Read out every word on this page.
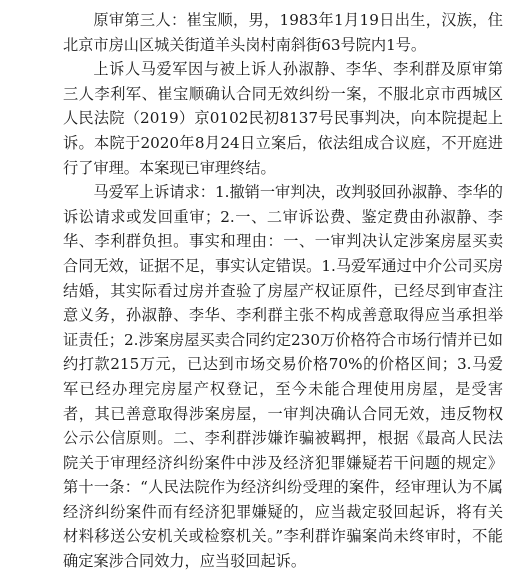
原审第三人：崔宝顺，男，1983年1月19日出生，汉族，住北京市房山区城关街道羊头岗村南斜街63号院内1号。

上诉人马爱军因与被上诉人孙淑静、李华、李利群及原审第三人李利军、崔宝顺确认合同无效纠纷一案，不服北京市西城区人民法院（2019）京0102民初8137号民事判决，向本院提起上诉。本院于2020年8月24日立案后，依法组成合议庭，不开庭进行了审理。本案现已审理终结。

马爱军上诉请求：1.撤销一审判决，改判驳回孙淑静、李华的诉讼请求或发回重审；2.一、二审诉讼费、鉴定费由孙淑静、李华、李利群负担。事实和理由：一、一审判决认定涉案房屋买卖合同无效，证据不足，事实认定错误。1.马爱军通过中介公司买房结婚，其实际看过房并查验了房屋产权证原件，已经尽到审查注意义务，孙淑静、李华、李利群主张不构成善意取得应当承担举证责任；2.涉案房屋买卖合同约定230万价格符合市场行情并已如约打款215万元，已达到市场交易价格70%的价格区间；3.马爱军已经办理完房屋产权登记，至今未能合理使用房屋，是受害者，其已善意取得涉案房屋，一审判决确认合同无效，违反物权公示公信原则。二、李利群涉嫌诈骗被羁押，根据《最高人民法院关于审理经济纠纷案件中涉及经济犯罪嫌疑若干问题的规定》第十一条：“人民法院作为经济纠纷受理的案件，经审理认为不属经济纠纷案件而有经济犯罪嫌疑的，应当裁定驳回起诉，将有关材料移送公安机关或检察机关。”李利群诈骗案尚未终审时，不能确定案涉合同效力，应当驳回起诉。
